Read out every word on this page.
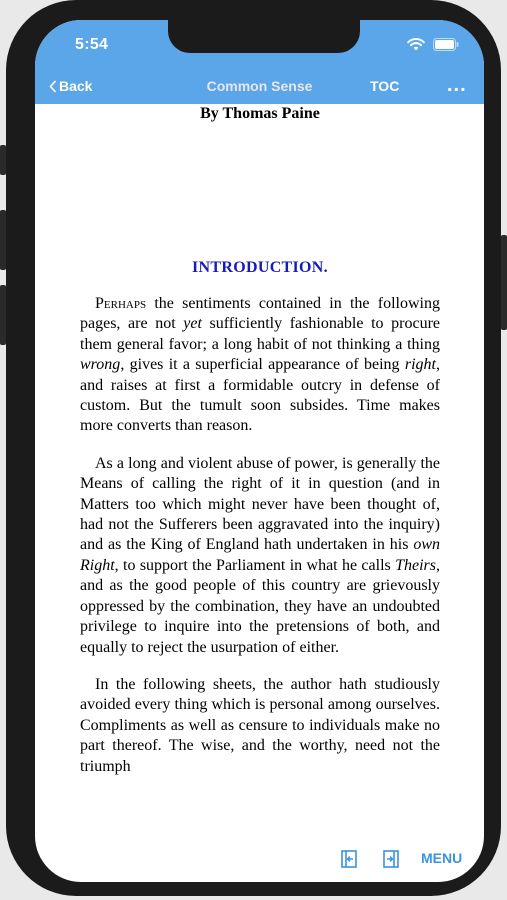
5:54
Back	Common Sense	TOC ...
By Thomas Paine
INTRODUCTION.

Perhaps the sentiments contained in the following pages, are not yet sufficiently fashionable to procure them general favor; a long habit of not thinking a thing wrong, gives it a superficial appearance of being right, and raises at first a formidable outcry in defense of custom. But the tumult soon subsides. Time makes more converts than reason.

As a long and violent abuse of power, is generally the Means of calling the right of it in question (and in Matters too which might never have been thought of, had not the Sufferers been aggravated into the inquiry) and as the King of England hath undertaken in his own Right, to support the Parliament in what he calls Theirs, and as the good people of this country are grievously oppressed by the combination, they have an undoubted privilege to inquire into the pretensions of both, and equally to reject the usurpation of either.

In the following sheets, the author hath studiously avoided every thing which is personal among ourselves. Compliments as well as censure to individuals make no part thereof. The wise, and the worthy, need not the triumph

MENU
